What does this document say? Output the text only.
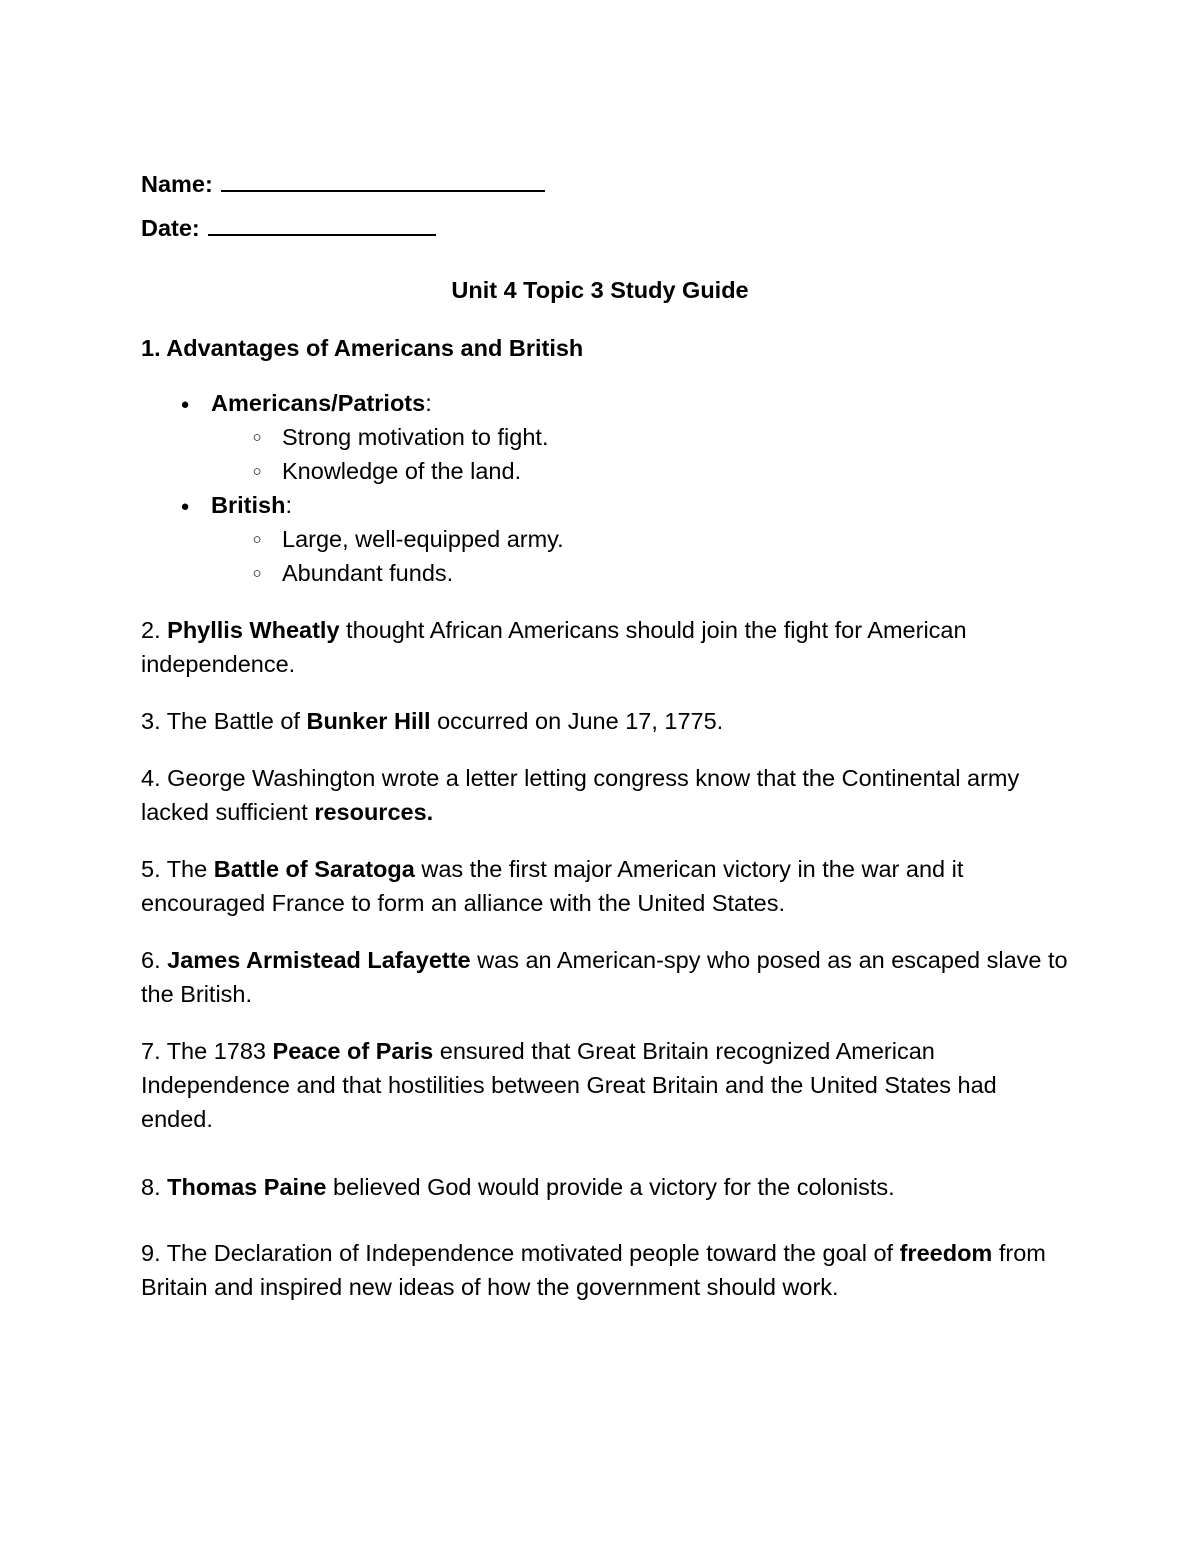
Name:
Date:
Unit 4 Topic 3 Study Guide
1. Advantages of Americans and British
● Americans/Patriots:
○ Strong motivation to fight.
○ Knowledge of the land.
● British:
○ Large, well-equipped army.
○ Abundant funds.
2. Phyllis Wheatly thought African Americans should join the fight for American independence.
3. The Battle of Bunker Hill occurred on June 17, 1775.
4. George Washington wrote a letter letting congress know that the Continental army lacked sufficient resources.
5. The Battle of Saratoga was the first major American victory in the war and it encouraged France to form an alliance with the United States.
6. James Armistead Lafayette was an American-spy who posed as an escaped slave to the British.
7. The 1783 Peace of Paris ensured that Great Britain recognized American Independence and that hostilities between Great Britain and the United States had ended.
8. Thomas Paine believed God would provide a victory for the colonists.
9. The Declaration of Independence motivated people toward the goal of freedom from Britain and inspired new ideas of how the government should work.
